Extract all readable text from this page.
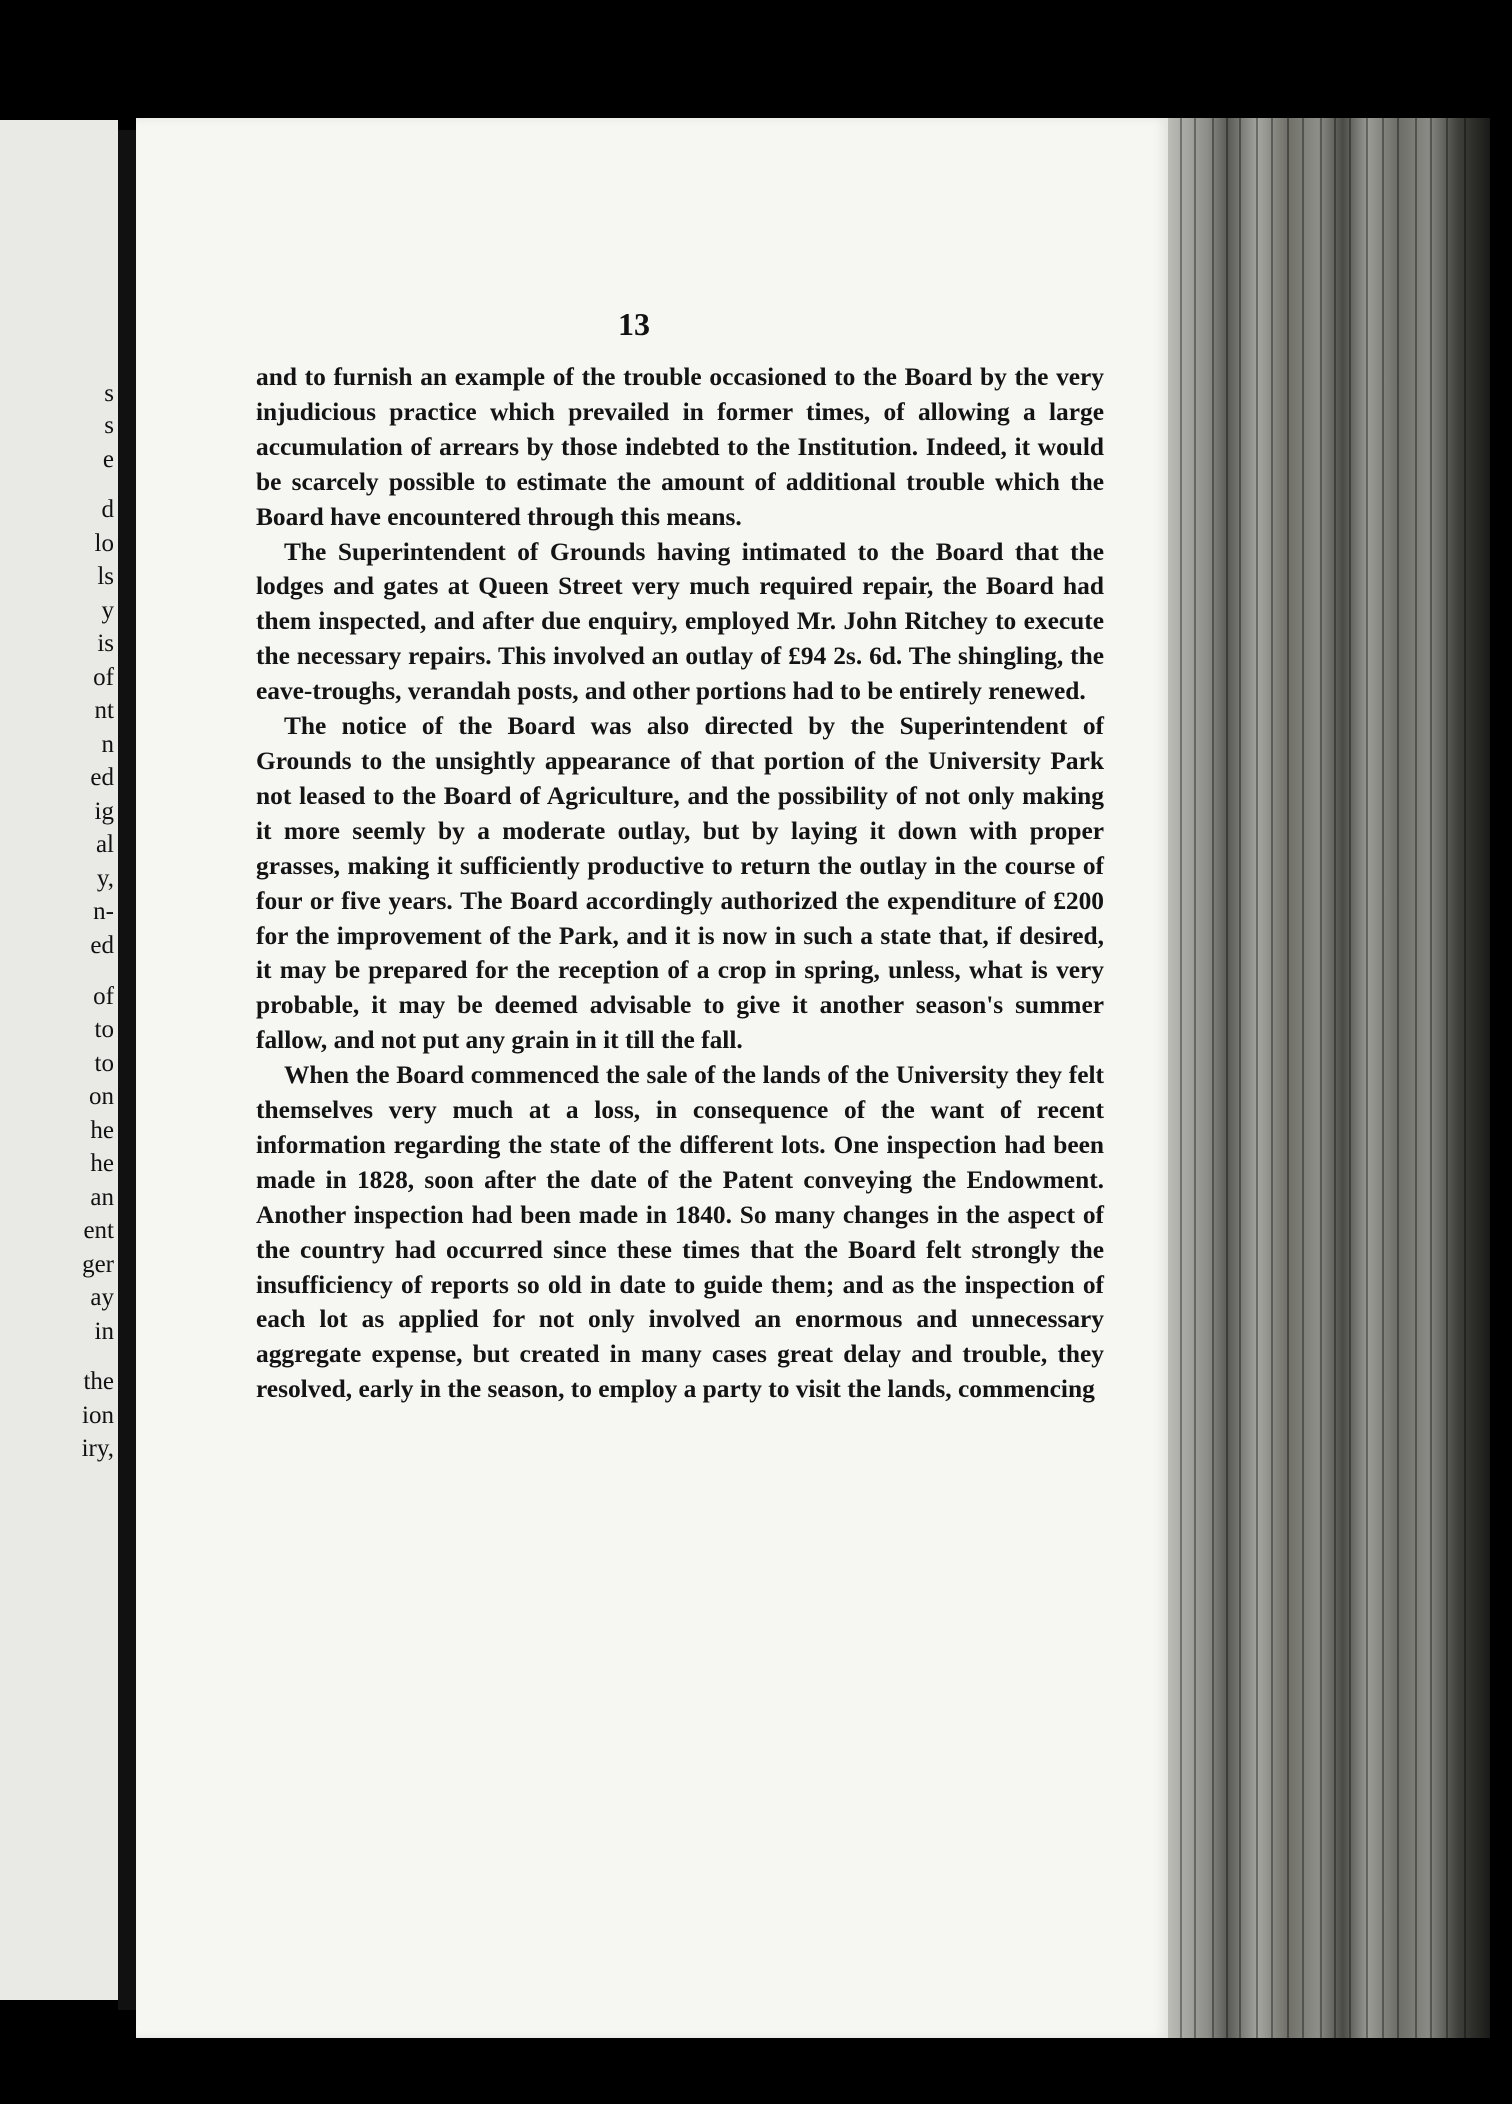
s
s
e
d
lo
ls
y
is
of
nt
n
ed
ig
al
y,
n-
ed
of
to
to
on
he
he
an
ent
ger
ay
in
the
ion
iry,
13

and to furnish an example of the trouble occasioned to the Board by the very injudicious practice which prevailed in former times, of allowing a large accumulation of arrears by those indebted to the Institution. Indeed, it would be scarcely possible to estimate the amount of additional trouble which the Board have encountered through this means.

The Superintendent of Grounds having intimated to the Board that the lodges and gates at Queen Street very much required repair, the Board had them inspected, and after due enquiry, employed Mr. John Ritchey to execute the necessary repairs. This involved an outlay of £94 2s. 6d. The shingling, the eave-troughs, verandah posts, and other portions had to be entirely renewed.

The notice of the Board was also directed by the Superintendent of Grounds to the unsightly appearance of that portion of the University Park not leased to the Board of Agriculture, and the possibility of not only making it more seemly by a moderate outlay, but by laying it down with proper grasses, making it sufficiently productive to return the outlay in the course of four or five years. The Board accordingly authorized the expenditure of £200 for the improvement of the Park, and it is now in such a state that, if desired, it may be prepared for the reception of a crop in spring, unless, what is very probable, it may be deemed advisable to give it another season's summer fallow, and not put any grain in it till the fall.

When the Board commenced the sale of the lands of the University they felt themselves very much at a loss, in consequence of the want of recent information regarding the state of the different lots. One inspection had been made in 1828, soon after the date of the Patent conveying the Endowment. Another inspection had been made in 1840. So many changes in the aspect of the country had occurred since these times that the Board felt strongly the insufficiency of reports so old in date to guide them; and as the inspection of each lot as applied for not only involved an enormous and unnecessary aggregate expense, but created in many cases great delay and trouble, they resolved, early in the season, to employ a party to visit the lands, commencing
